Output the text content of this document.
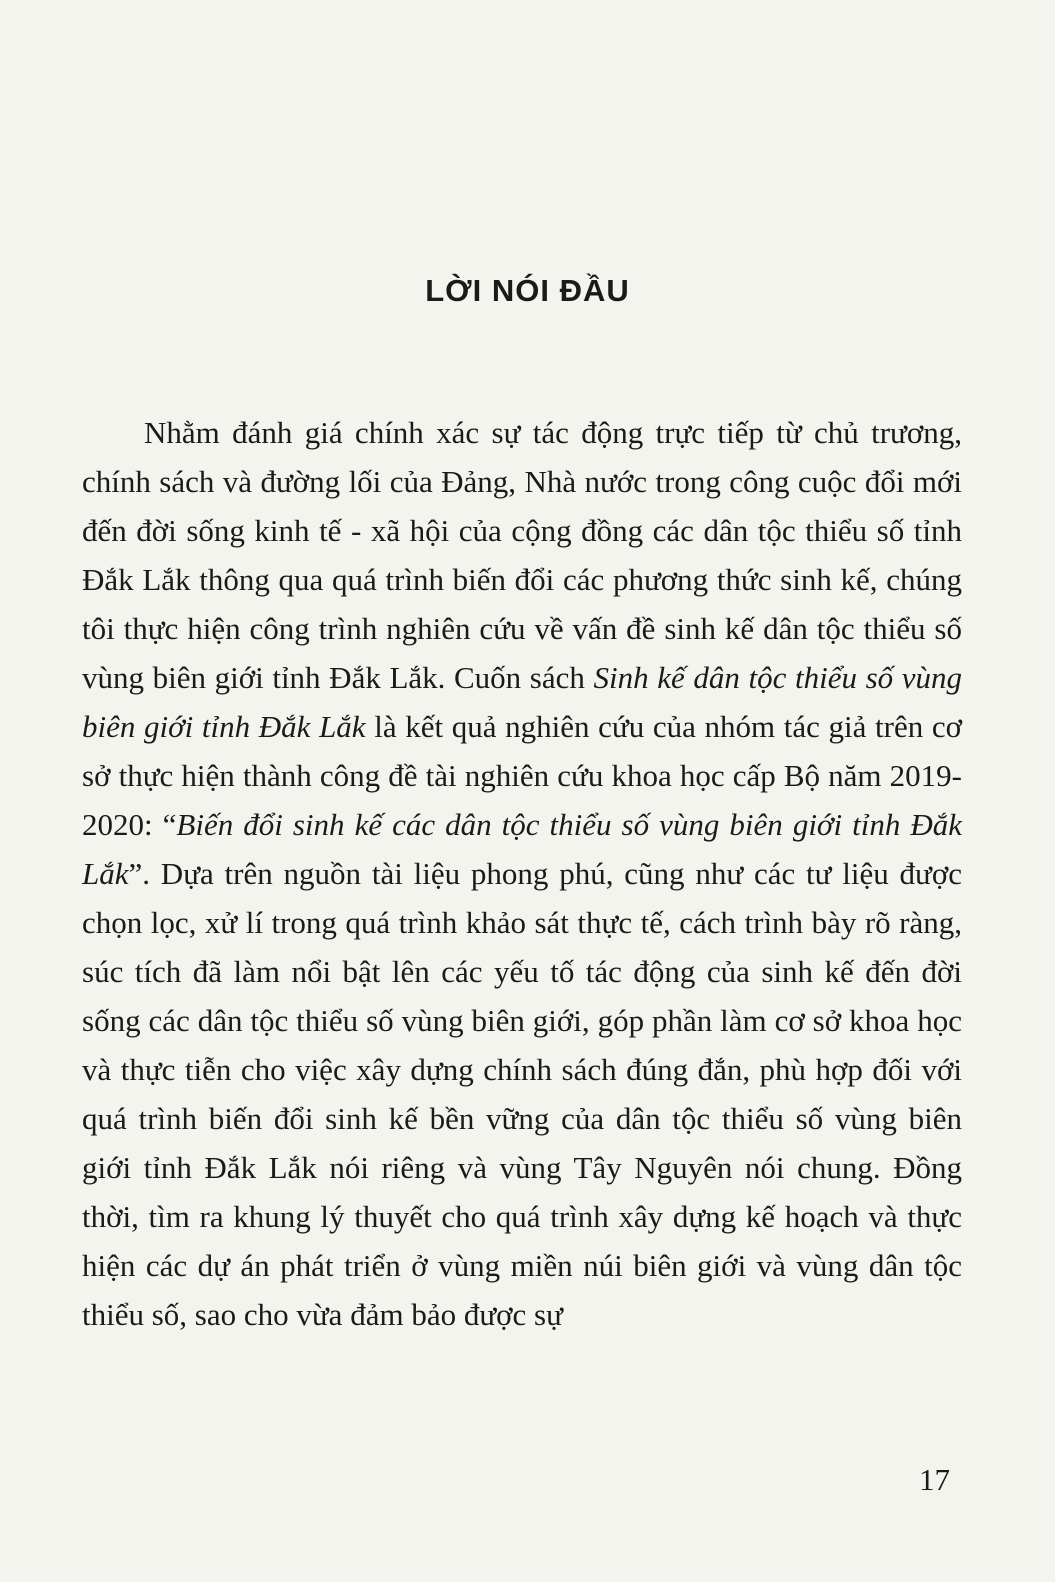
LỜI NÓI ĐẦU

Nhằm đánh giá chính xác sự tác động trực tiếp từ chủ trương, chính sách và đường lối của Đảng, Nhà nước trong công cuộc đổi mới đến đời sống kinh tế - xã hội của cộng đồng các dân tộc thiểu số tỉnh Đắk Lắk thông qua quá trình biến đổi các phương thức sinh kế, chúng tôi thực hiện công trình nghiên cứu về vấn đề sinh kế dân tộc thiểu số vùng biên giới tỉnh Đắk Lắk. Cuốn sách Sinh kế dân tộc thiểu số vùng biên giới tỉnh Đắk Lắk là kết quả nghiên cứu của nhóm tác giả trên cơ sở thực hiện thành công đề tài nghiên cứu khoa học cấp Bộ năm 2019-2020: “Biến đổi sinh kế các dân tộc thiểu số vùng biên giới tỉnh Đắk Lắk”. Dựa trên nguồn tài liệu phong phú, cũng như các tư liệu được chọn lọc, xử lí trong quá trình khảo sát thực tế, cách trình bày rõ ràng, súc tích đã làm nổi bật lên các yếu tố tác động của sinh kế đến đời sống các dân tộc thiểu số vùng biên giới, góp phần làm cơ sở khoa học và thực tiễn cho việc xây dựng chính sách đúng đắn, phù hợp đối với quá trình biến đổi sinh kế bền vững của dân tộc thiểu số vùng biên giới tỉnh Đắk Lắk nói riêng và vùng Tây Nguyên nói chung. Đồng thời, tìm ra khung lý thuyết cho quá trình xây dựng kế hoạch và thực hiện các dự án phát triển ở vùng miền núi biên giới và vùng dân tộc thiểu số, sao cho vừa đảm bảo được sự

17
